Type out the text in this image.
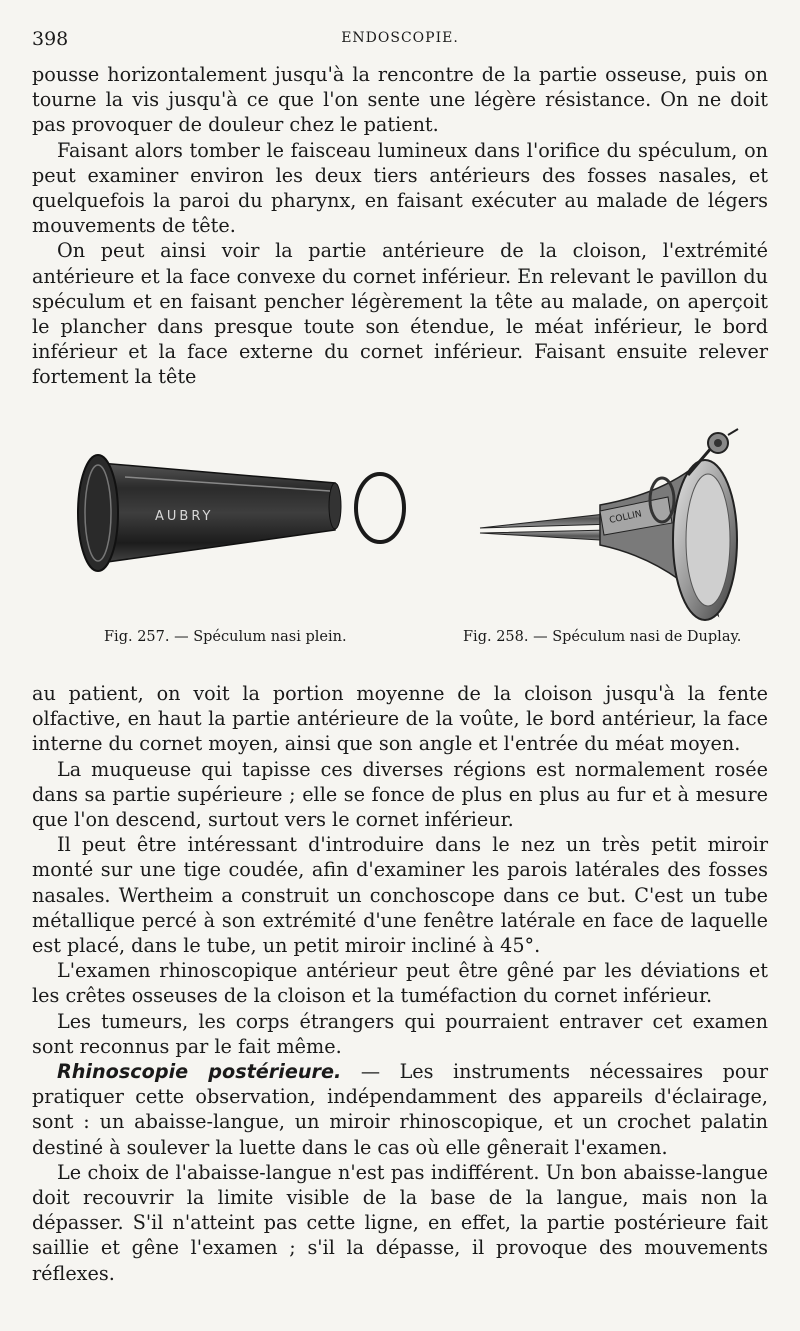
398	ENDOSCOPIE.

pousse horizontalement jusqu'à la rencontre de la partie osseuse, puis on tourne la vis jusqu'à ce que l'on sente une légère résistance. On ne doit pas provoquer de douleur chez le patient.

Faisant alors tomber le faisceau lumineux dans l'orifice du spéculum, on peut examiner environ les deux tiers antérieurs des fosses nasales, et quelquefois la paroi du pharynx, en faisant exécuter au malade de légers mouvements de tête.

On peut ainsi voir la partie antérieure de la cloison, l'extrémité antérieure et la face convexe du cornet inférieur. En relevant le pavillon du spéculum et en faisant pencher légèrement la tête au malade, on aperçoit le plancher dans presque toute son étendue, le méat inférieur, le bord inférieur et la face externe du cornet inférieur. Faisant ensuite relever fortement la tête

AUBRY	COLLIN
Fig. 257. — Spéculum nasi plein.	Fig. 258. — Spéculum nasi de Duplay.

au patient, on voit la portion moyenne de la cloison jusqu'à la fente olfactive, en haut la partie antérieure de la voûte, le bord antérieur, la face interne du cornet moyen, ainsi que son angle et l'entrée du méat moyen.

La muqueuse qui tapisse ces diverses régions est normalement rosée dans sa partie supérieure ; elle se fonce de plus en plus au fur et à mesure que l'on descend, surtout vers le cornet inférieur.

Il peut être intéressant d'introduire dans le nez un très petit miroir monté sur une tige coudée, afin d'examiner les parois latérales des fosses nasales. Wertheim a construit un conchoscope dans ce but. C'est un tube métallique percé à son extrémité d'une fenêtre latérale en face de laquelle est placé, dans le tube, un petit miroir incliné à 45°.

L'examen rhinoscopique antérieur peut être gêné par les déviations et les crêtes osseuses de la cloison et la tuméfaction du cornet inférieur.

Les tumeurs, les corps étrangers qui pourraient entraver cet examen sont reconnus par le fait même.

Rhinoscopie postérieure. — Les instruments nécessaires pour pratiquer cette observation, indépendamment des appareils d'éclairage, sont : un abaisse-langue, un miroir rhinoscopique, et un crochet palatin destiné à soulever la luette dans le cas où elle gênerait l'examen.

Le choix de l'abaisse-langue n'est pas indifférent. Un bon abaisse-langue doit recouvrir la limite visible de la base de la langue, mais non la dépasser. S'il n'atteint pas cette ligne, en effet, la partie postérieure fait saillie et gêne l'examen ; s'il la dépasse, il provoque des mouvements réflexes.
